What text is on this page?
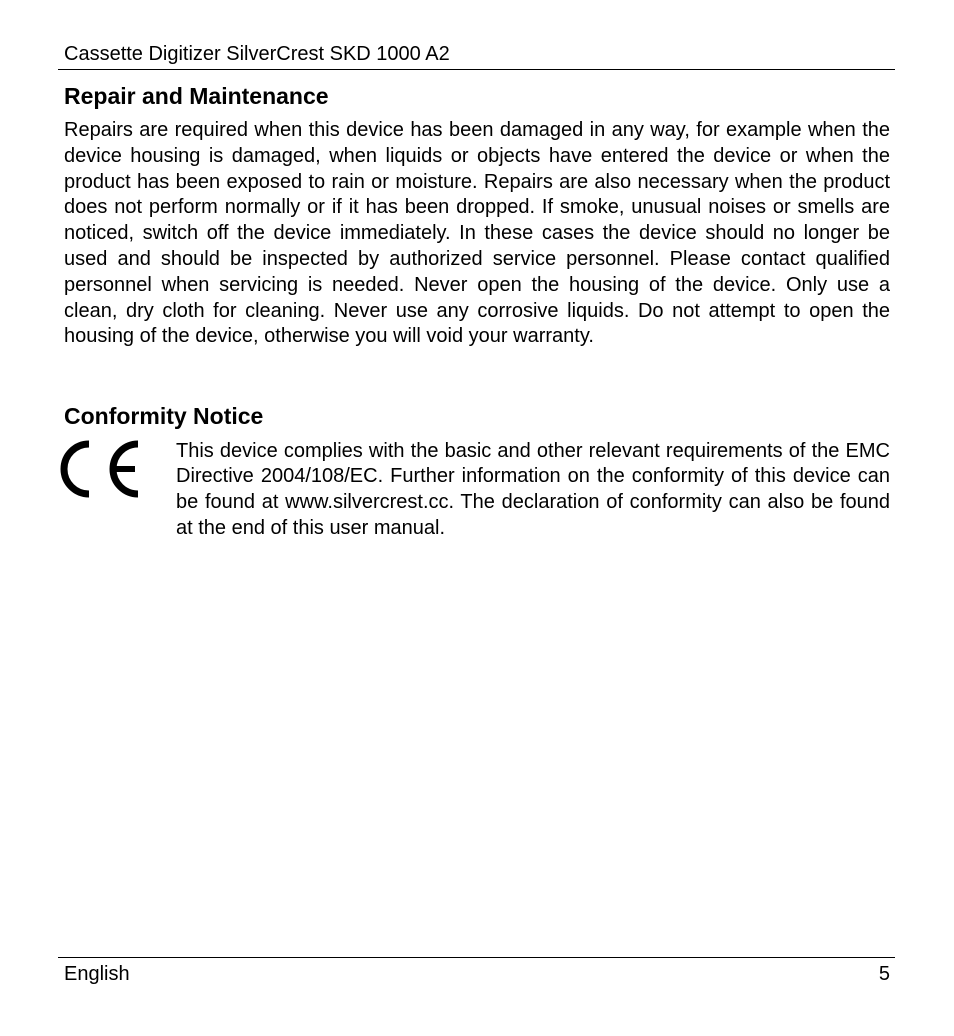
Cassette Digitizer SilverCrest SKD 1000 A2
Repair and Maintenance

Repairs are required when this device has been damaged in any way, for example when the device housing is damaged, when liquids or objects have entered the device or when the product has been exposed to rain or moisture. Repairs are also necessary when the product does not perform normally or if it has been dropped. If smoke, unusual noises or smells are noticed, switch off the device immediately. In these cases the device should no longer be used and should be inspected by authorized service personnel. Please contact qualified personnel when servicing is needed. Never open the housing of the device. Only use a clean, dry cloth for cleaning. Never use any corrosive liquids. Do not attempt to open the housing of the device, otherwise you will void your warranty.

Conformity Notice

This device complies with the basic and other relevant requirements of the EMC Directive 2004/108/EC. Further information on the conformity of this device can be found at www.silvercrest.cc. The declaration of conformity can also be found at the end of this user manual.

English	5
